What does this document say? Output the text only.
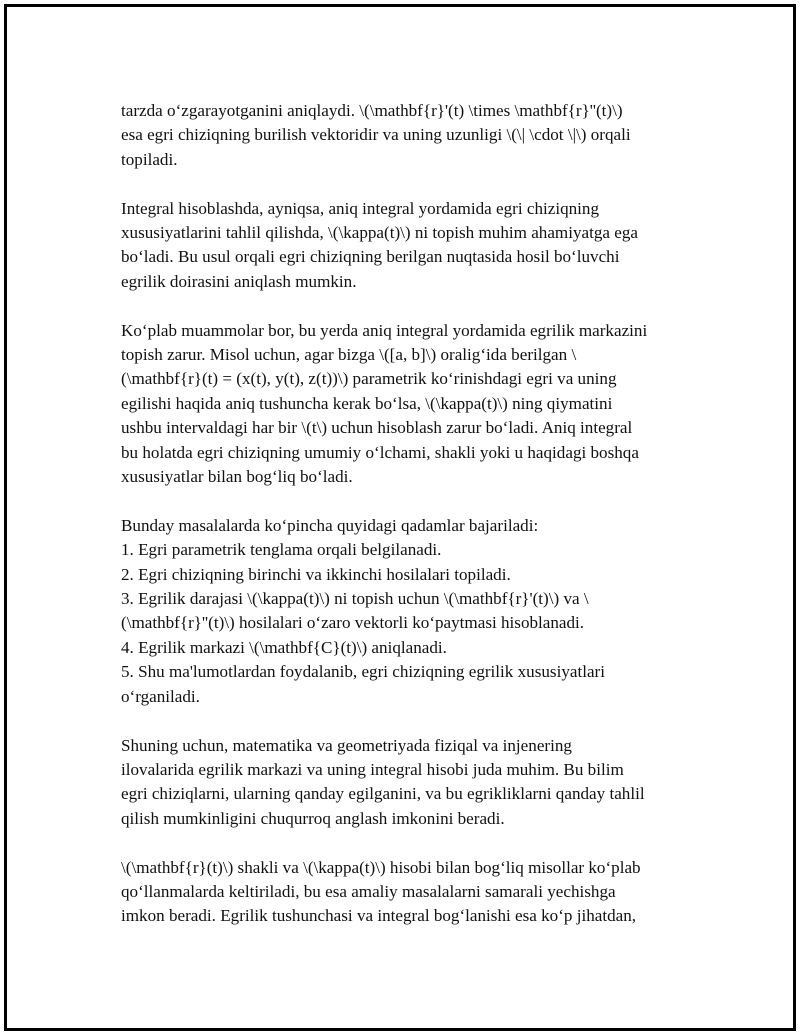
tarzda o‘zgarayotganini aniqlaydi. \(\mathbf{r}'(t) \times \mathbf{r}''(t)\)
esa egri chiziqning burilish vektoridir va uning uzunligi \(\| \cdot \|\) orqali
topiladi.

Integral hisoblashda, ayniqsa, aniq integral yordamida egri chiziqning
xususiyatlarini tahlil qilishda, \(\kappa(t)\) ni topish muhim ahamiyatga ega
bo‘ladi. Bu usul orqali egri chiziqning berilgan nuqtasida hosil bo‘luvchi
egrilik doirasini aniqlash mumkin.

Ko‘plab muammolar bor, bu yerda aniq integral yordamida egrilik markazini
topish zarur. Misol uchun, agar bizga \([a, b]\) oralig‘ida berilgan \
(\mathbf{r}(t) = (x(t), y(t), z(t))\) parametrik ko‘rinishdagi egri va uning
egilishi haqida aniq tushuncha kerak bo‘lsa, \(\kappa(t)\) ning qiymatini
ushbu intervaldagi har bir \(t\) uchun hisoblash zarur bo‘ladi. Aniq integral
bu holatda egri chiziqning umumiy o‘lchami, shakli yoki u haqidagi boshqa
xususiyatlar bilan bog‘liq bo‘ladi.

Bunday masalalarda ko‘pincha quyidagi qadamlar bajariladi:
1. Egri parametrik tenglama orqali belgilanadi.
2. Egri chiziqning birinchi va ikkinchi hosilalari topiladi.
3. Egrilik darajasi \(\kappa(t)\) ni topish uchun \(\mathbf{r}'(t)\) va \
(\mathbf{r}''(t)\) hosilalari o‘zaro vektorli ko‘paytmasi hisoblanadi.
4. Egrilik markazi \(\mathbf{C}(t)\) aniqlanadi.
5. Shu ma'lumotlardan foydalanib, egri chiziqning egrilik xususiyatlari
o‘rganiladi.

Shuning uchun, matematika va geometriyada fiziqal va injenering
ilovalarida egrilik markazi va uning integral hisobi juda muhim. Bu bilim
egri chiziqlarni, ularning qanday egilganini, va bu egrikliklarni qanday tahlil
qilish mumkinligini chuqurroq anglash imkonini beradi.

\(\mathbf{r}(t)\) shakli va \(\kappa(t)\) hisobi bilan bog‘liq misollar ko‘plab
qo‘llanmalarda keltiriladi, bu esa amaliy masalalarni samarali yechishga
imkon beradi. Egrilik tushunchasi va integral bog‘lanishi esa ko‘p jihatdan,
